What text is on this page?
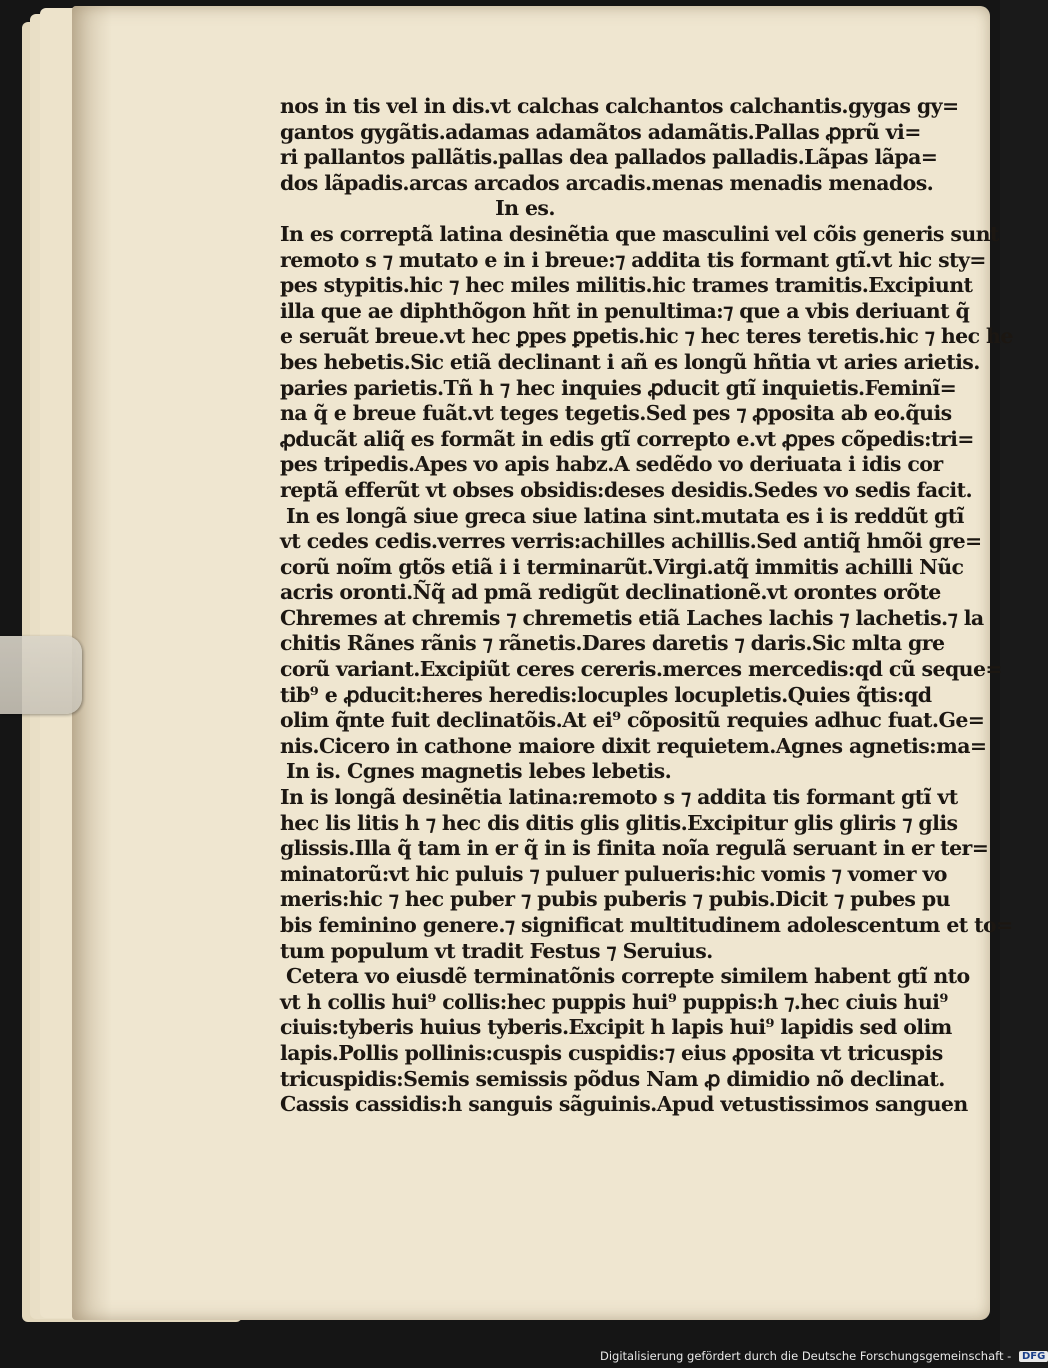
nos in tis vel in dis.vt calchas calchantos calchantis.gygas gy=
gantos gygãtis.adamas adamãtos adamãtis.Pallas ꝓprũ vi=
ri pallantos pallãtis.pallas dea pallados palladis.Lãpas lãpa=
dos lãpadis.arcas arcados arcadis.menas menadis menados.
In es.
In es correptã latina desinẽtia que masculini vel cõis generis sunt
remoto s ⁊ mutato e in i breue:⁊ addita tis formant gtĩ.vt hic sty=
pes stypitis.hic ⁊ hec miles militis.hic trames tramitis.Excipiunt
illa que ae diphthõgon hñt in penultima:⁊ que a vbis deriuant q̃
e seruãt breue.vt hec ꝑpes ꝑpetis.hic ⁊ hec teres teretis.hic ⁊ hec he
bes hebetis.Sic etiã declinant i añ es longũ hñtia vt aries arietis.
paries parietis.Tñ h ⁊ hec inquies ꝓducit gtĩ inquietis.Feminĩ=
na q̃ e breue fuãt.vt teges tegetis.Sed pes ⁊ ꝓposita ab eo.q̃uis
ꝓducãt aliq̃ es formãt in edis gtĩ correpto e.vt ꝓpes cõpedis:tri=
pes tripedis.Apes vo apis habz.A sedẽdo vo deriuata i idis cor
reptã efferũt vt obses obsidis:deses desidis.Sedes vo sedis facit.
In es longã siue greca siue latina sint.mutata es i is reddũt gtĩ
vt cedes cedis.verres verris:achilles achillis.Sed antiq̃ hmõi gre=
corũ noĩm gtõs etiã i i terminarũt.Virgi.atq̃ immitis achilli Nũc
acris oronti.Ñq̃ ad pmã redigũt declinationẽ.vt orontes orõte
Chremes at chremis ⁊ chremetis etiã Laches lachis ⁊ lachetis.⁊ la
chitis Rãnes rãnis ⁊ rãnetis.Dares daretis ⁊ daris.Sic mlta gre
corũ variant.Excipiũt ceres cereris.merces mercedis:qd cũ seque=
tib⁹ e ꝓducit:heres heredis:locuples locupletis.Quies q̃tis:qd
olim q̃nte fuit declinatõis.At ei⁹ cõpositũ requies adhuc fuat.Ge=
nis.Cicero in cathone maiore dixit requietem.Agnes agnetis:ma=
In is. Cgnes magnetis lebes lebetis.
In is longã desinẽtia latina:remoto s ⁊ addita tis formant gtĩ vt
hec lis litis h ⁊ hec dis ditis glis glitis.Excipitur glis gliris ⁊ glis
glissis.Illa q̃ tam in er q̃ in is finita noĩa regulã seruant in er ter=
minatorũ:vt hic puluis ⁊ puluer pulueris:hic vomis ⁊ vomer vo
meris:hic ⁊ hec puber ⁊ pubis puberis ⁊ pubis.Dicit ⁊ pubes pu
bis feminino genere.⁊ significat multitudinem adolescentum et to=
tum populum vt tradit Festus ⁊ Seruius.
Cetera vo eiusdẽ terminatõnis correpte similem habent gtĩ nto
vt h collis hui⁹ collis:hec puppis hui⁹ puppis:h ⁊.hec ciuis hui⁹
ciuis:tyberis huius tyberis.Excipit h lapis hui⁹ lapidis sed olim
lapis.Pollis pollinis:cuspis cuspidis:⁊ eius ꝓposita vt tricuspis
tricuspidis:Semis semissis põdus Nam ꝓ dimidio nõ declinat.
Cassis cassidis:h sanguis sãguinis.Apud vetustissimos sanguen
Digitalisierung gefördert durch die Deutsche Forschungsgemeinschaft - DFG
